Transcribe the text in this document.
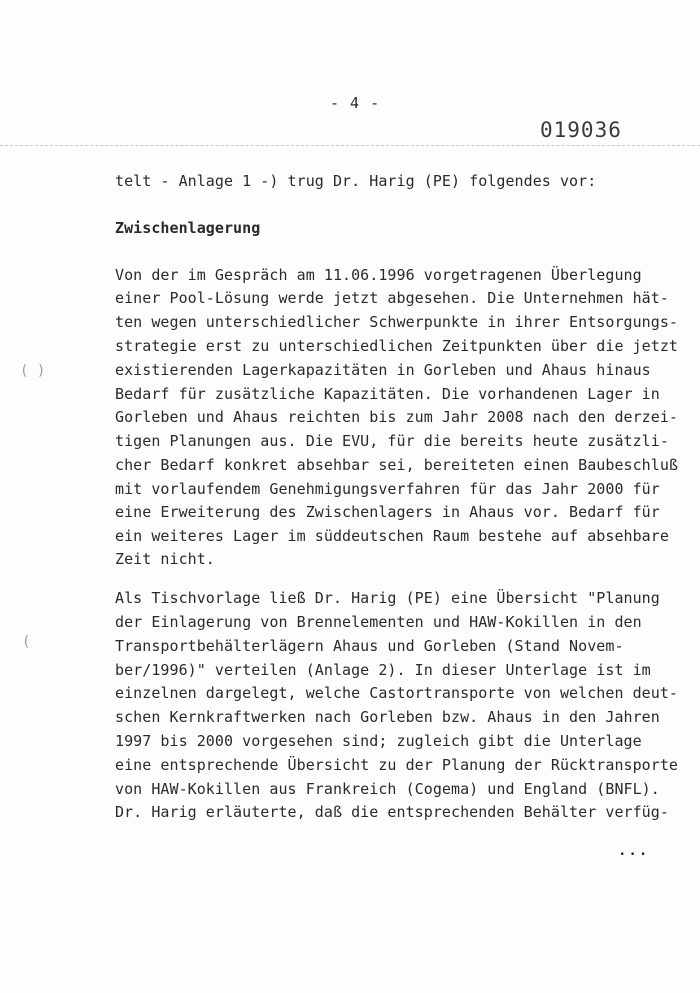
- 4 -
019036
telt - Anlage 1 -) trug Dr. Harig (PE) folgendes vor:
Zwischenlagerung
Von der im Gespräch am 11.06.1996 vorgetragenen Überlegung
einer Pool-Lösung werde jetzt abgesehen. Die Unternehmen hät-
ten wegen unterschiedlicher Schwerpunkte in ihrer Entsorgungs-
strategie erst zu unterschiedlichen Zeitpunkten über die jetzt
existierenden Lagerkapazitäten in Gorleben und Ahaus hinaus
Bedarf für zusätzliche Kapazitäten. Die vorhandenen Lager in
Gorleben und Ahaus reichten bis zum Jahr 2008 nach den derzei-
tigen Planungen aus. Die EVU, für die bereits heute zusätzli-
cher Bedarf konkret absehbar sei, bereiteten einen Baubeschluß
mit vorlaufendem Genehmigungsverfahren für das Jahr 2000 für
eine Erweiterung des Zwischenlagers in Ahaus vor. Bedarf für
ein weiteres Lager im süddeutschen Raum bestehe auf absehbare
Zeit nicht.
Als Tischvorlage ließ Dr. Harig (PE) eine Übersicht "Planung
der Einlagerung von Brennelementen und HAW-Kokillen in den
Transportbehälterlägern Ahaus und Gorleben (Stand Novem-
ber/1996)" verteilen (Anlage 2). In dieser Unterlage ist im
einzelnen dargelegt, welche Castortransporte von welchen deut-
schen Kernkraftwerken nach Gorleben bzw. Ahaus in den Jahren
1997 bis 2000 vorgesehen sind; zugleich gibt die Unterlage
eine entsprechende Übersicht zu der Planung der Rücktransporte
von HAW-Kokillen aus Frankreich (Cogema) und England (BNFL).
Dr. Harig erläuterte, daß die entsprechenden Behälter verfüg-
...
( )
(
